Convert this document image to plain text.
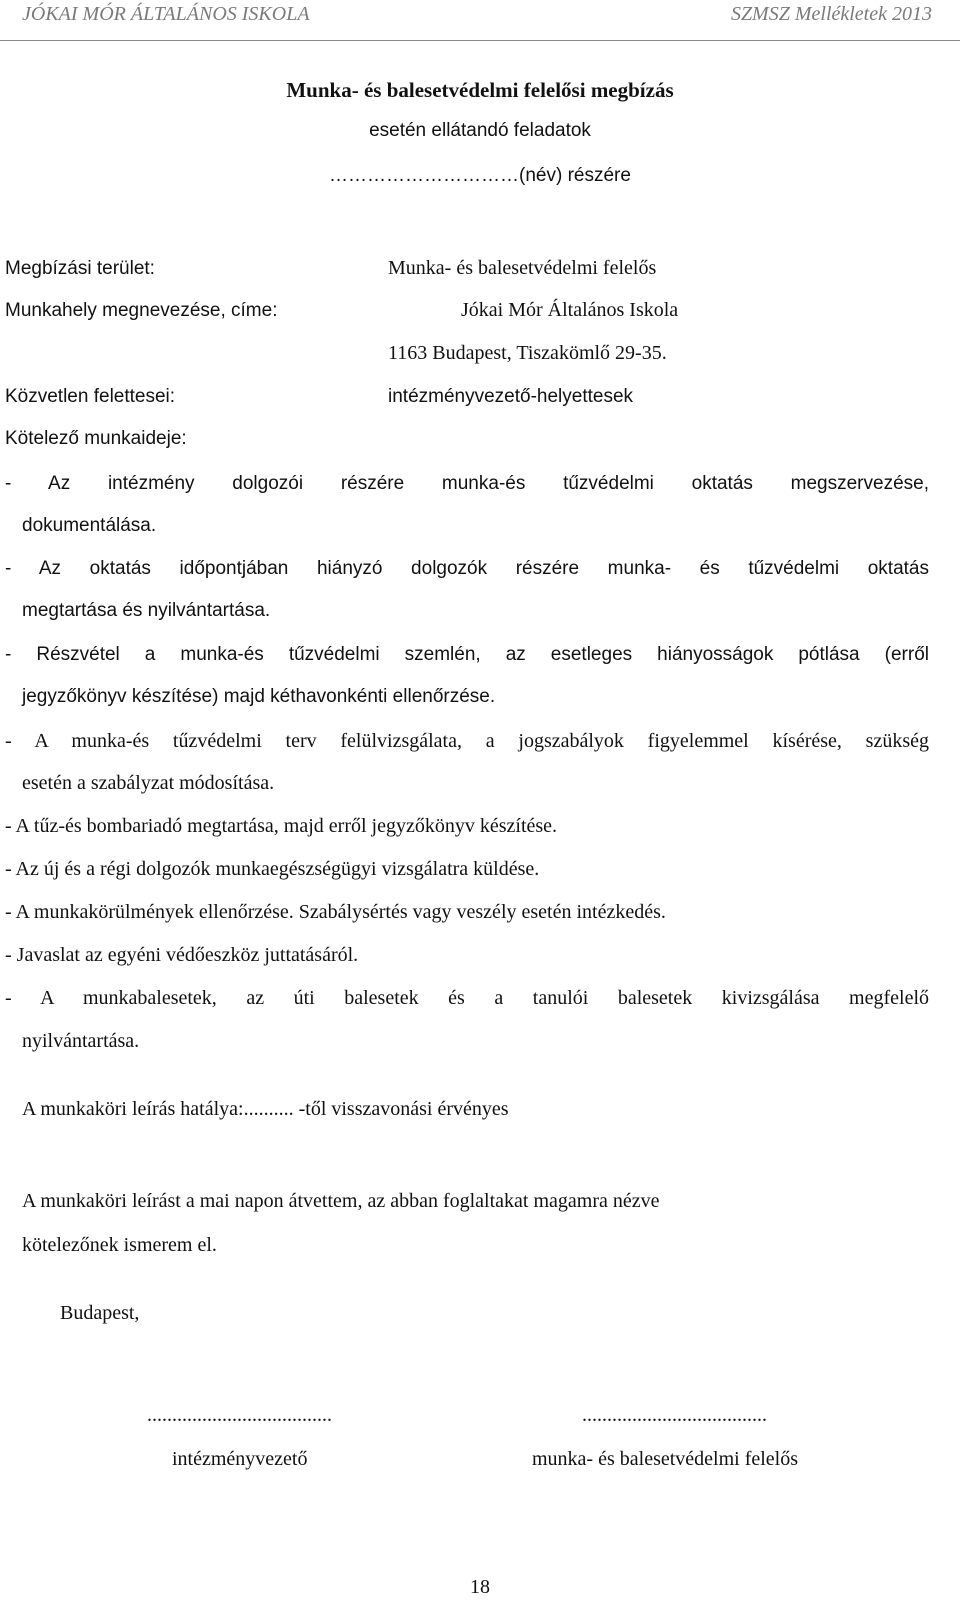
JÓKAI MÓR ÁLTALÁNOS ISKOLA	SZMSZ Mellékletek 2013
Munka- és balesetvédelmi felelősi megbízás
esetén ellátandó feladatok
…………………………(név) részére
Megbízási terület:	Munka- és balesetvédelmi felelős
Munkahely megnevezése, címe:	Jókai Mór Általános Iskola
1163 Budapest, Tiszakömlő 29-35.
Közvetlen felettesei:	intézményvezető-helyettesek
Kötelező munkaideje:
- Az intézmény dolgozói részére munka-és tűzvédelmi oktatás megszervezése,
dokumentálása.
- Az oktatás időpontjában hiányzó dolgozók részére munka- és tűzvédelmi oktatás
megtartása és nyilvántartása.
- Részvétel a munka-és tűzvédelmi szemlén, az esetleges hiányosságok pótlása (erről
jegyzőkönyv készítése) majd kéthavonkénti ellenőrzése.
- A munka-és tűzvédelmi terv felülvizsgálata, a jogszabályok figyelemmel kísérése, szükség
esetén a szabályzat módosítása.
- A tűz-és bombariadó megtartása, majd erről jegyzőkönyv készítése.
- Az új és a régi dolgozók munkaegészségügyi vizsgálatra küldése.
- A munkakörülmények ellenőrzése. Szabálysértés vagy veszély esetén intézkedés.
- Javaslat az egyéni védőeszköz juttatásáról.
- A munkabalesetek, az úti balesetek és a tanulói balesetek kivizsgálása megfelelő
nyilvántartása.
A munkaköri leírás hatálya:.......... -től visszavonási érvényes
A munkaköri leírást a mai napon átvettem, az abban foglaltakat magamra nézve
kötelezőnek ismerem el.
Budapest,
.....................................	.....................................
intézményvezető	munka- és balesetvédelmi felelős
18
